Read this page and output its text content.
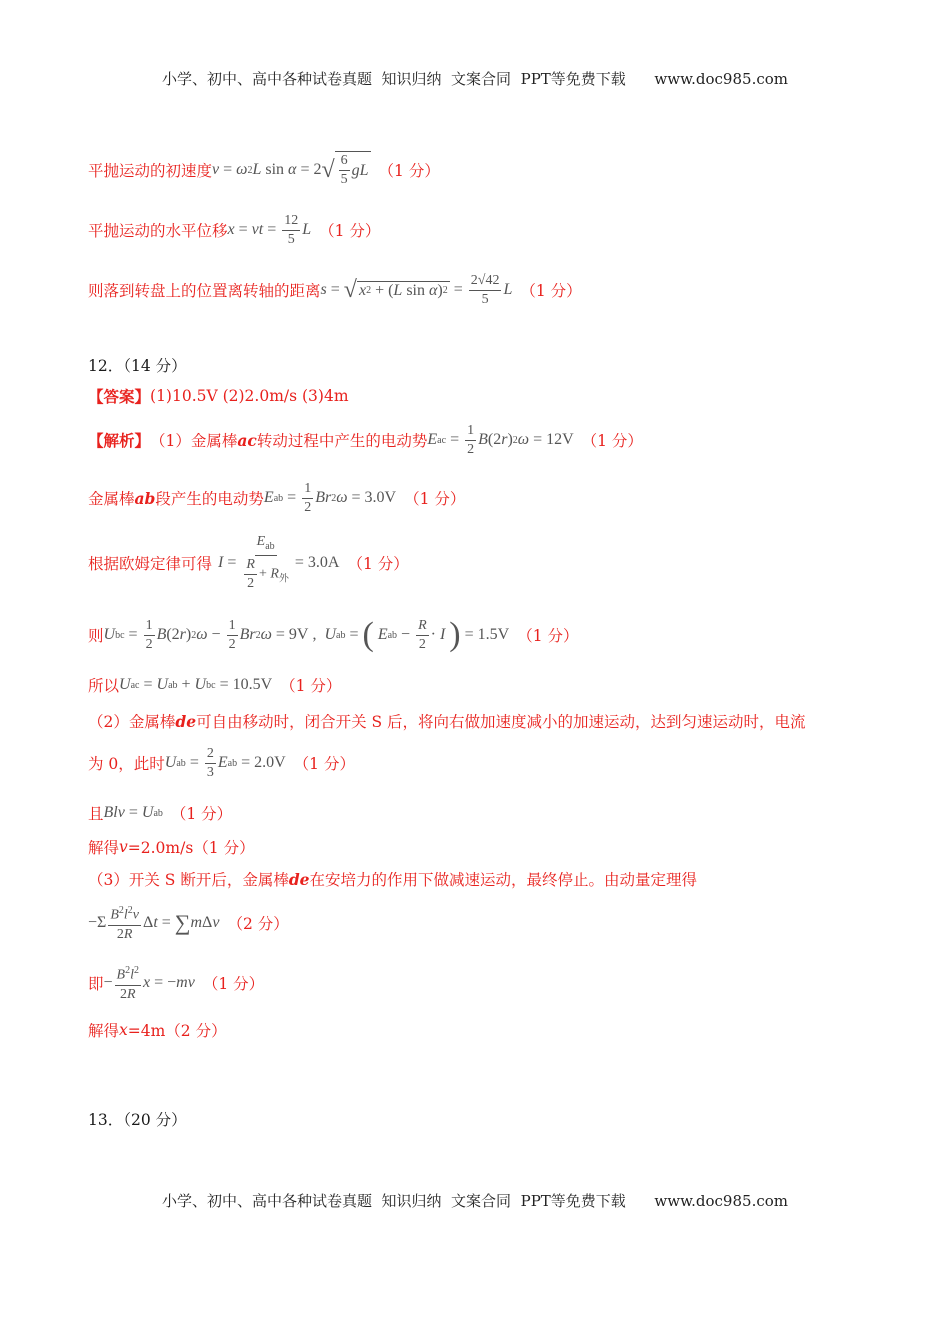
小学、初中、高中各种试卷真题  知识归纳  文案合同  PPT等免费下载      www.doc985.com
平抛运动的初速度 v = ω 2 L sin α = 2 √ $\frac{6}{5}$ gL （1 分）
平抛运动的水平位移 x = vt = $\frac{12}{5}$ L （1 分）
则落到转盘上的位置离转轴的距离 s = √ x 2 + ( L sin α ) $2 = \frac{2√42}{5}$ L （1 分）
12．（14 分）
【答案】 (1)10.5V (2)2.0m/s (3)4m
【解析】 （1）金属棒 ac 转动过程中产生的电动势 E ac = $\frac{1}{2}$ B (2 r ) 2 ω = 12V （1 分）
金属棒 ab 段产生的电动势 E ab = $\frac{1}{2}$ Br 2 ω = 3.0V （1 分）
根据欧姆定律可得 $I = \frac{E_{ab}}{\frac{R}{2} + R_外} = 3.0A$ （1 分）
则 U bc = $\frac{1}{2}$ B (2 r ) 2 $\omega - \frac{1}{2}$ Br 2 ω = 9V , U ab = (
E ab − $\frac{R}{2} \cdot I$
) = 1.5V （1 分）
所以 U ac = U ab + U bc = 10.5V （1 分）
（2）金属棒 de 可自由移动时，闭合开关 S 后，将向右做加速度减小的加速运动，达到匀速运动时，电流
为 0，此时 U ab = $\frac{2}{3}$ E ab = 2.0V （1 分）
且 Blv = U ab （1 分）
解得 v =2.0m/s（1 分）
（3）开关 S 断开后，金属棒 de 在安培力的作用下做减速运动，最终停止。由动量定理得
$-\Sigma \frac{B^2l^2v}{2R}$ Δ t = ∑ m Δ v （2 分）
即 − $\frac{B^2l^2}{2R}$ x = − mv （1 分）
解得 x =4m（2 分）
13．（20 分）
小学、初中、高中各种试卷真题  知识归纳  文案合同  PPT等免费下载      www.doc985.com
